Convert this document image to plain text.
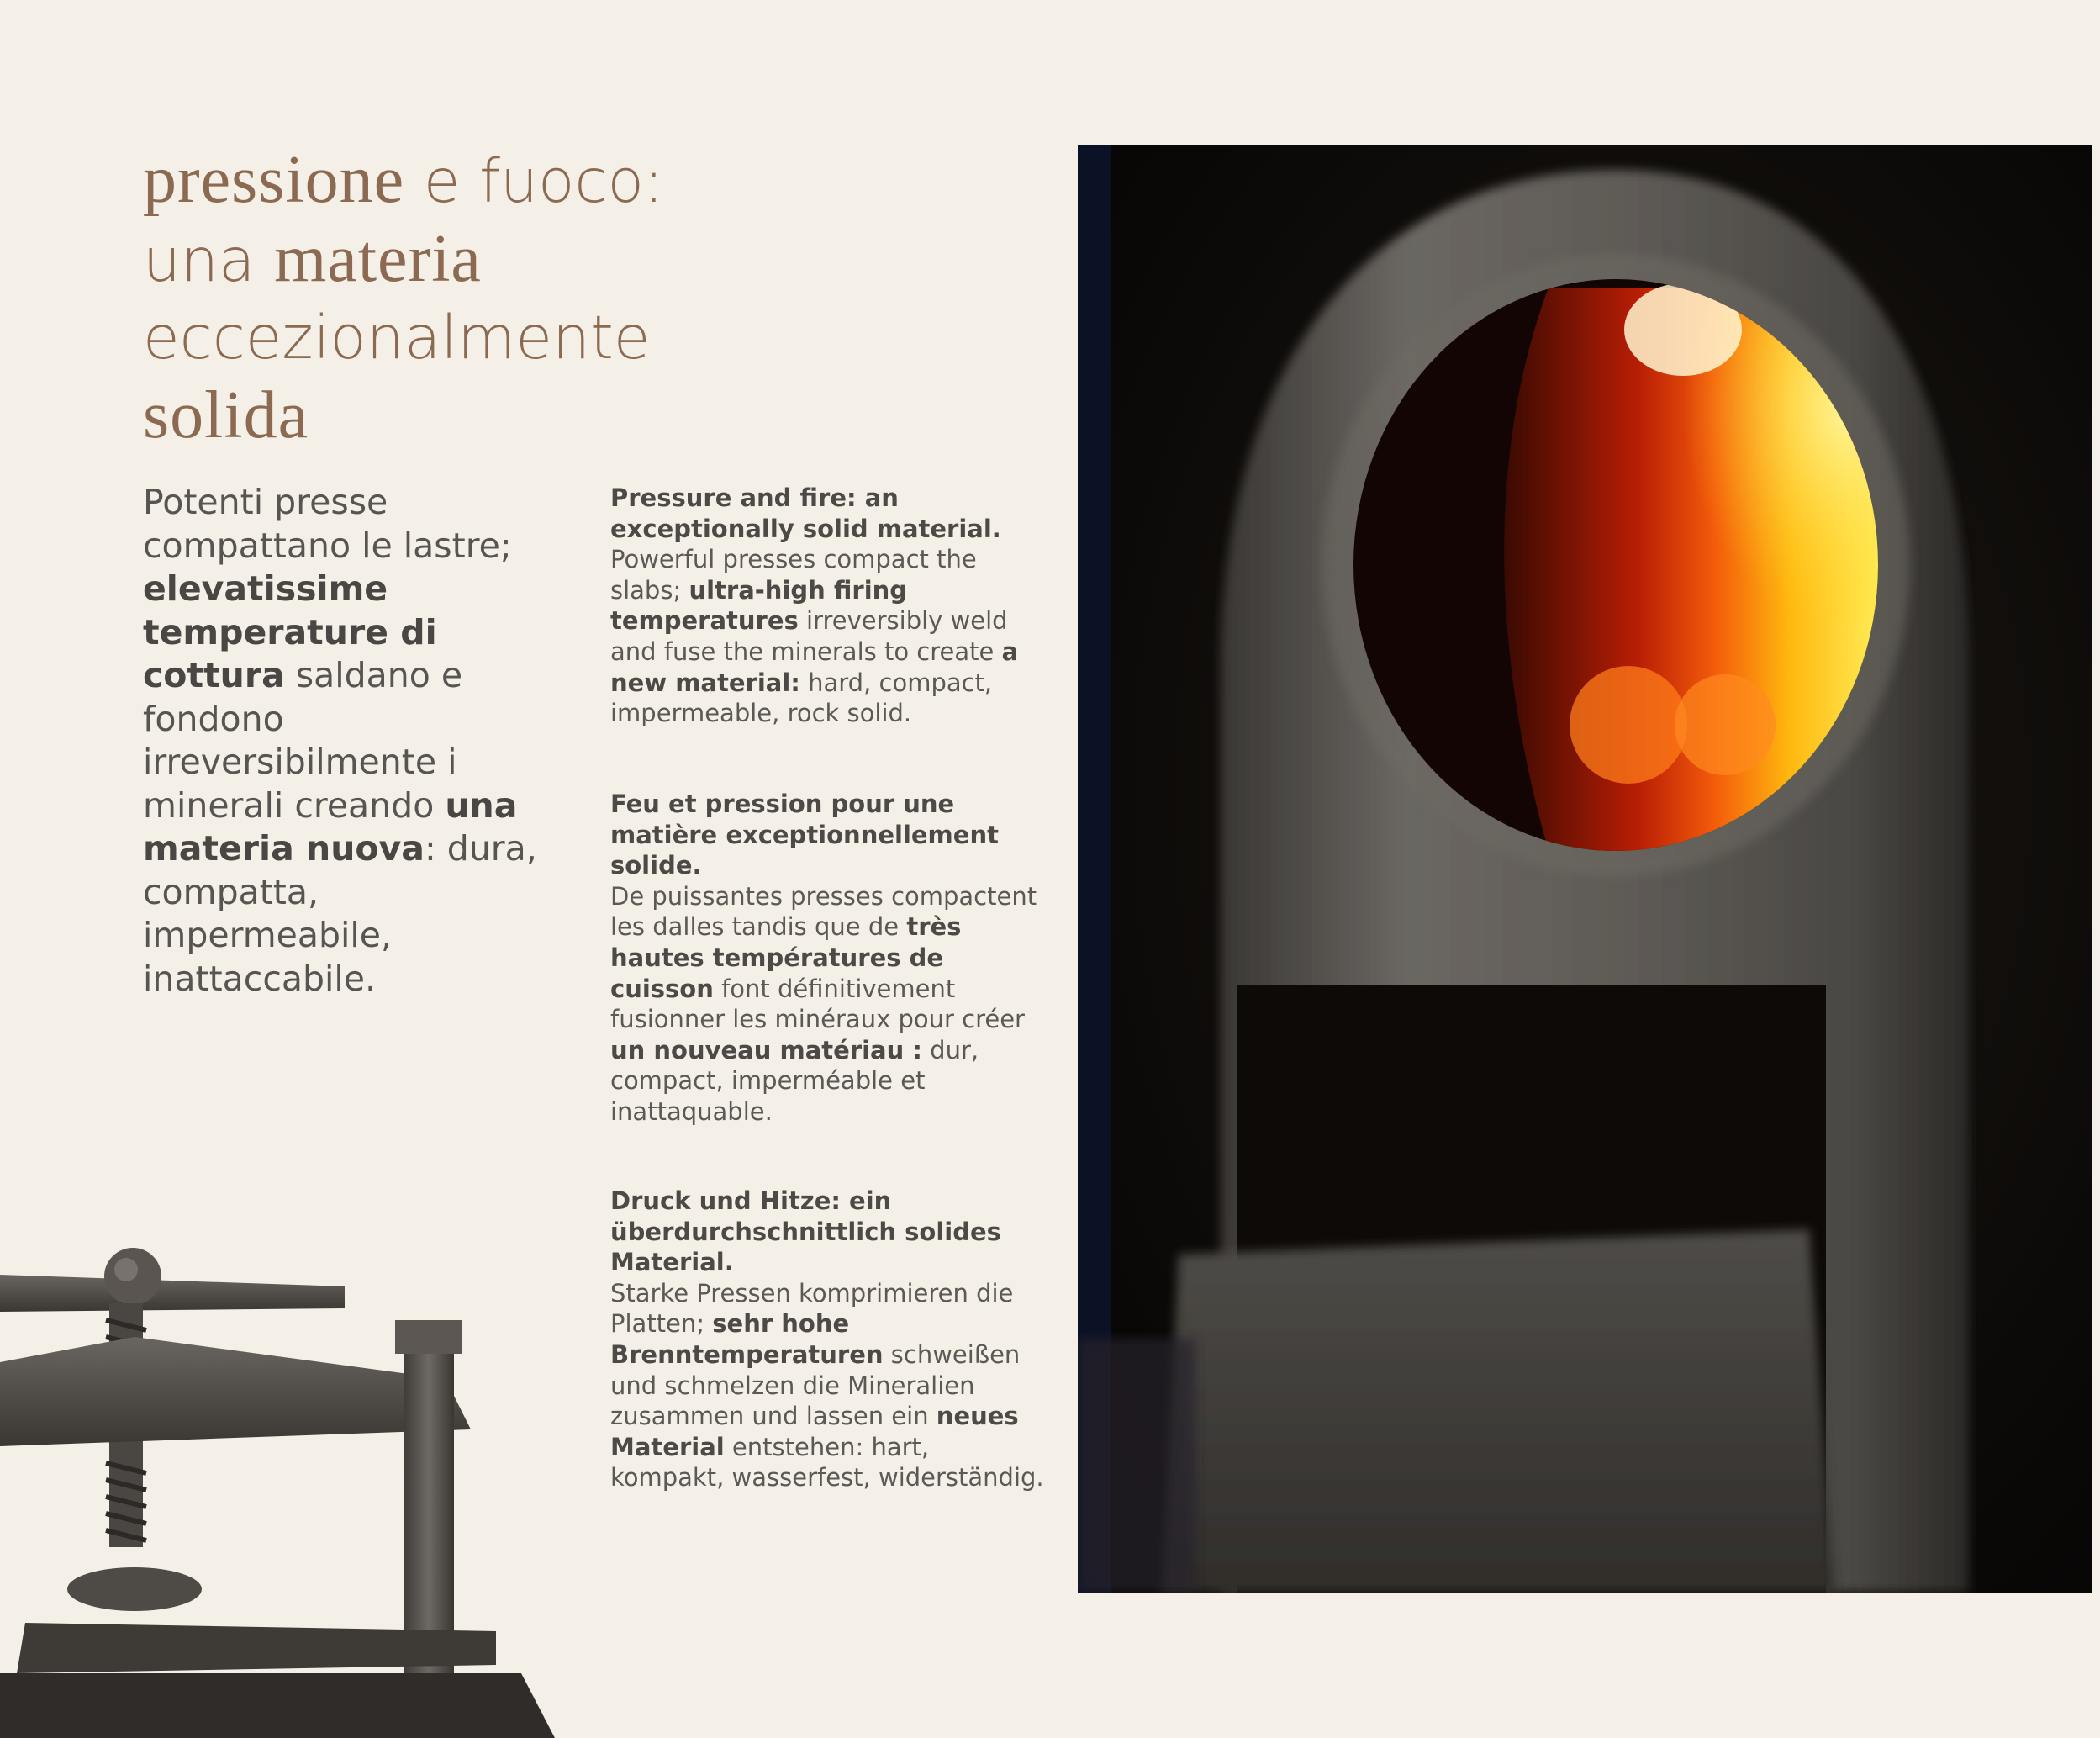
pressione e fuoco:
una materia
eccezionalmente
solida
Potenti presse compattano le lastre; elevatissime temperature di cottura saldano e fondono irreversibilmente i minerali creando una materia nuova: dura, compatta, impermeabile, inattaccabile.
Pressure and fire: an exceptionally solid material.
Powerful presses compact the slabs; ultra-high firing temperatures irreversibly weld and fuse the minerals to create a new material: hard, compact, impermeable, rock solid.
Feu et pression pour une matière exceptionnellement solide.
De puissantes presses compactent les dalles tandis que de très hautes températures de cuisson font définitivement fusionner les minéraux pour créer un nouveau matériau : dur, compact, imperméable et inattaquable.
Druck und Hitze: ein überdurchschnittlich solides Material.
Starke Pressen komprimieren die Platten; sehr hohe Brenntemperaturen schweißen und schmelzen die Mineralien zusammen und lassen ein neues Material entstehen: hart, kompakt, wasserfest, widerständig.
